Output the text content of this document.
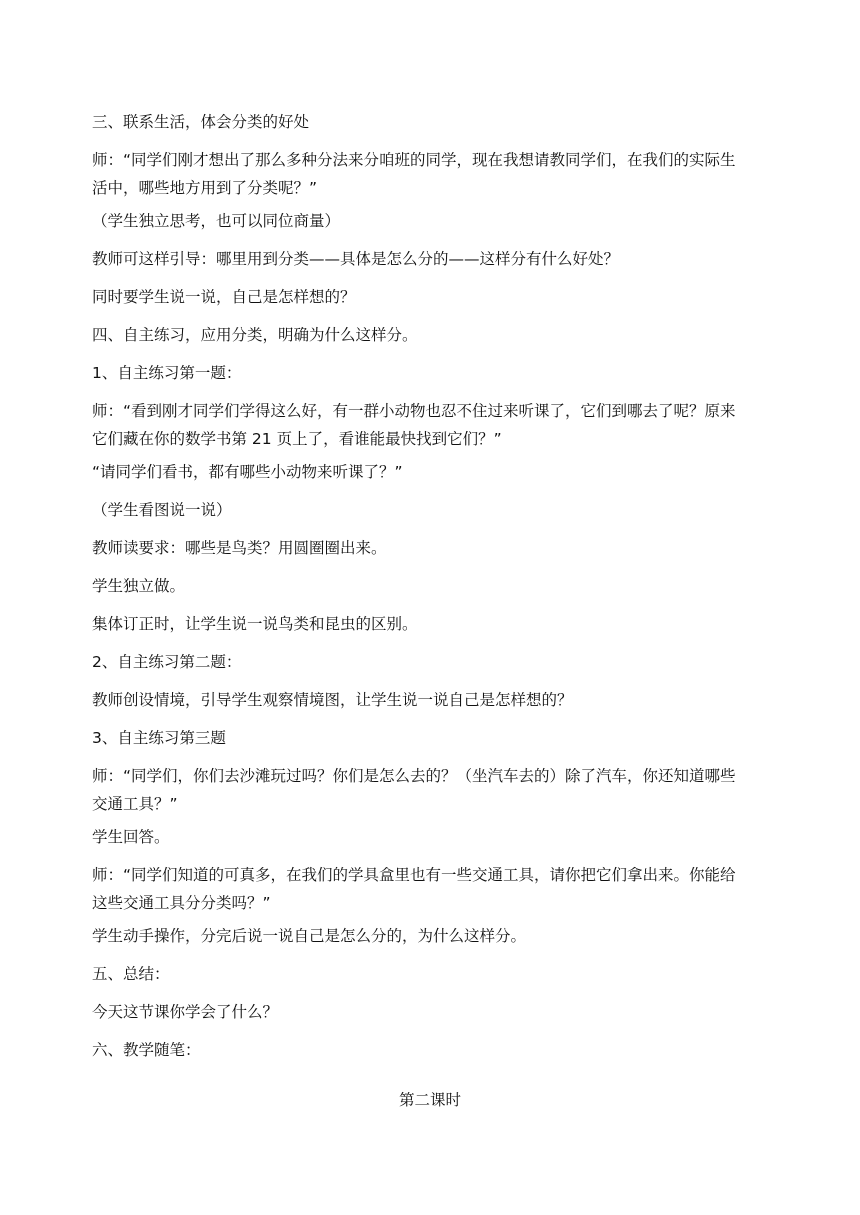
三、联系生活，体会分类的好处
师：“同学们刚才想出了那么多种分法来分咱班的同学，现在我想请教同学们，在我们的实际生活中，哪些地方用到了分类呢？”
（学生独立思考，也可以同位商量）
教师可这样引导：哪里用到分类——具体是怎么分的——这样分有什么好处？
同时要学生说一说，自己是怎样想的？
四、自主练习，应用分类，明确为什么这样分。
1、自主练习第一题：
师：“看到刚才同学们学得这么好，有一群小动物也忍不住过来听课了，它们到哪去了呢？原来它们藏在你的数学书第 21 页上了，看谁能最快找到它们？”
“请同学们看书，都有哪些小动物来听课了？”
（学生看图说一说）
教师读要求：哪些是鸟类？用圆圈圈出来。
学生独立做。
集体订正时，让学生说一说鸟类和昆虫的区别。
2、自主练习第二题：
教师创设情境，引导学生观察情境图，让学生说一说自己是怎样想的？
3、自主练习第三题
师：“同学们，你们去沙滩玩过吗？你们是怎么去的？（坐汽车去的）除了汽车，你还知道哪些交通工具？”
学生回答。
师：“同学们知道的可真多，在我们的学具盒里也有一些交通工具，请你把它们拿出来。你能给这些交通工具分分类吗？”
学生动手操作，分完后说一说自己是怎么分的，为什么这样分。
五、总结：
今天这节课你学会了什么？
六、教学随笔：
第二课时
